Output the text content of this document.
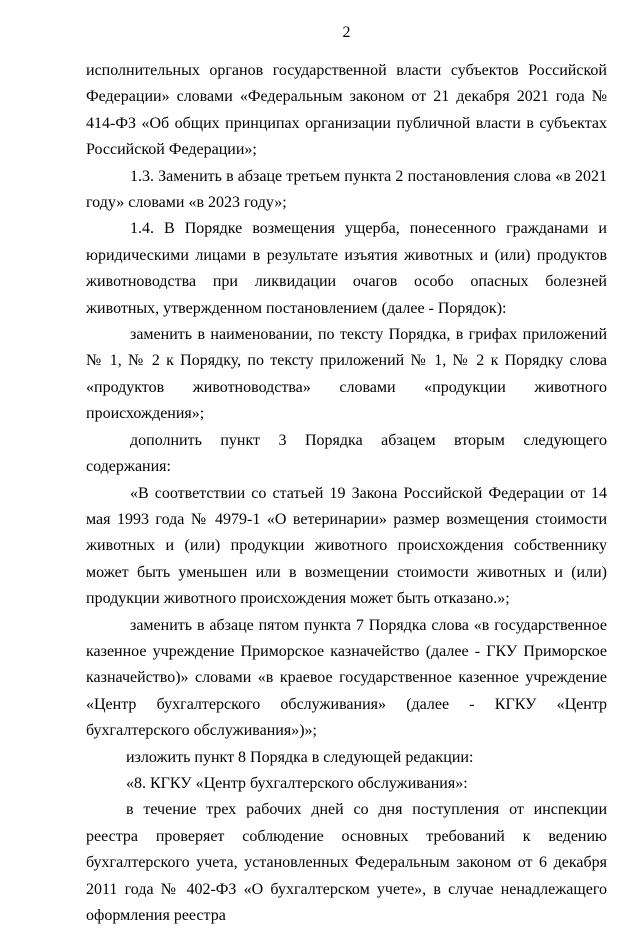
2

исполнительных органов государственной власти субъектов Российской Федерации» словами «Федеральным законом от 21 декабря 2021 года № 414-ФЗ «Об общих принципах организации публичной власти в субъектах Российской Федерации»;

1.3. Заменить в абзаце третьем пункта 2 постановления слова «в 2021 году» словами «в 2023 году»;

1.4. В Порядке возмещения ущерба, понесенного гражданами и юридическими лицами в результате изъятия животных и (или) продуктов животноводства при ликвидации очагов особо опасных болезней животных, утвержденном постановлением (далее - Порядок):

заменить в наименовании, по тексту Порядка, в грифах приложений № 1, № 2 к Порядку, по тексту приложений № 1, № 2 к Порядку слова «продуктов животноводства» словами «продукции животного происхождения»;

дополнить пункт 3 Порядка абзацем вторым следующего содержания:

«В соответствии со статьей 19 Закона Российской Федерации от 14 мая 1993 года № 4979-1 «О ветеринарии» размер возмещения стоимости животных и (или) продукции животного происхождения собственнику может быть уменьшен или в возмещении стоимости животных и (или) продукции животного происхождения может быть отказано.»;

заменить в абзаце пятом пункта 7 Порядка слова «в государственное казенное учреждение Приморское казначейство (далее - ГКУ Приморское казначейство)» словами «в краевое государственное казенное учреждение «Центр бухгалтерского обслуживания» (далее - КГКУ «Центр бухгалтерского обслуживания»)»;

изложить пункт 8 Порядка в следующей редакции:

«8. КГКУ «Центр бухгалтерского обслуживания»:

в течение трех рабочих дней со дня поступления от инспекции реестра проверяет соблюдение основных требований к ведению бухгалтерского учета, установленных Федеральным законом от 6 декабря 2011 года № 402-ФЗ «О бухгалтерском учете», в случае ненадлежащего оформления реестра
